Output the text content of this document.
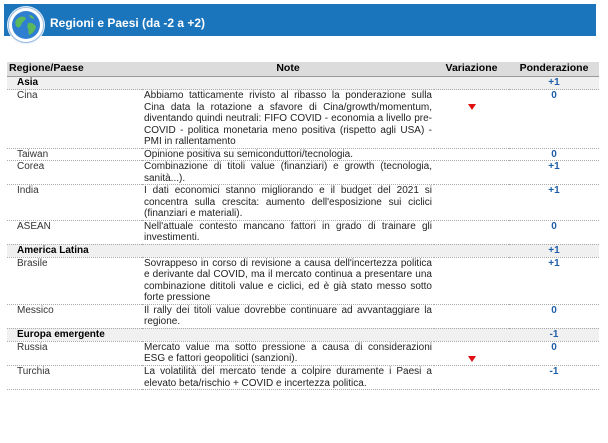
Regioni e Paesi (da -2 a +2)
Regione/Paese	Note	Variazione	Ponderazione
Asia			+1
Cina	Abbiamo tatticamente rivisto al ribasso la ponderazione sulla Cina data la rotazione a sfavore di Cina/growth/momentum, diventando quindi neutrali: FIFO COVID - economia a livello pre-COVID - politica monetaria meno positiva (rispetto agli USA) - PMI in rallentamento		0
Taiwan	Opinione positiva su semiconduttori/tecnologia.		0
Corea	Combinazione di titoli value (finanziari) e growth (tecnologia, sanità...).		+1
India	I dati economici stanno migliorando e il budget del 2021 si concentra sulla crescita: aumento dell'esposizione sui ciclici (finanziari e materiali).		+1
ASEAN	Nell'attuale contesto mancano fattori in grado di trainare gli investimenti.		0
America Latina			+1
Brasile	Sovrappeso in corso di revisione a causa dell'incertezza politica e derivante dal COVID, ma il mercato continua a presentare una combinazione dititoli value e ciclici, ed è già stato messo sotto forte pressione		+1
Messico	Il rally dei titoli value dovrebbe continuare ad avvantaggiare la regione.		0
Europa emergente			-1
Russia	Mercato value ma sotto pressione a causa di considerazioni ESG e fattori geopolitici (sanzioni).		0
Turchia	La volatilità del mercato tende a colpire duramente i Paesi a elevato beta/rischio + COVID e incertezza politica.		-1
